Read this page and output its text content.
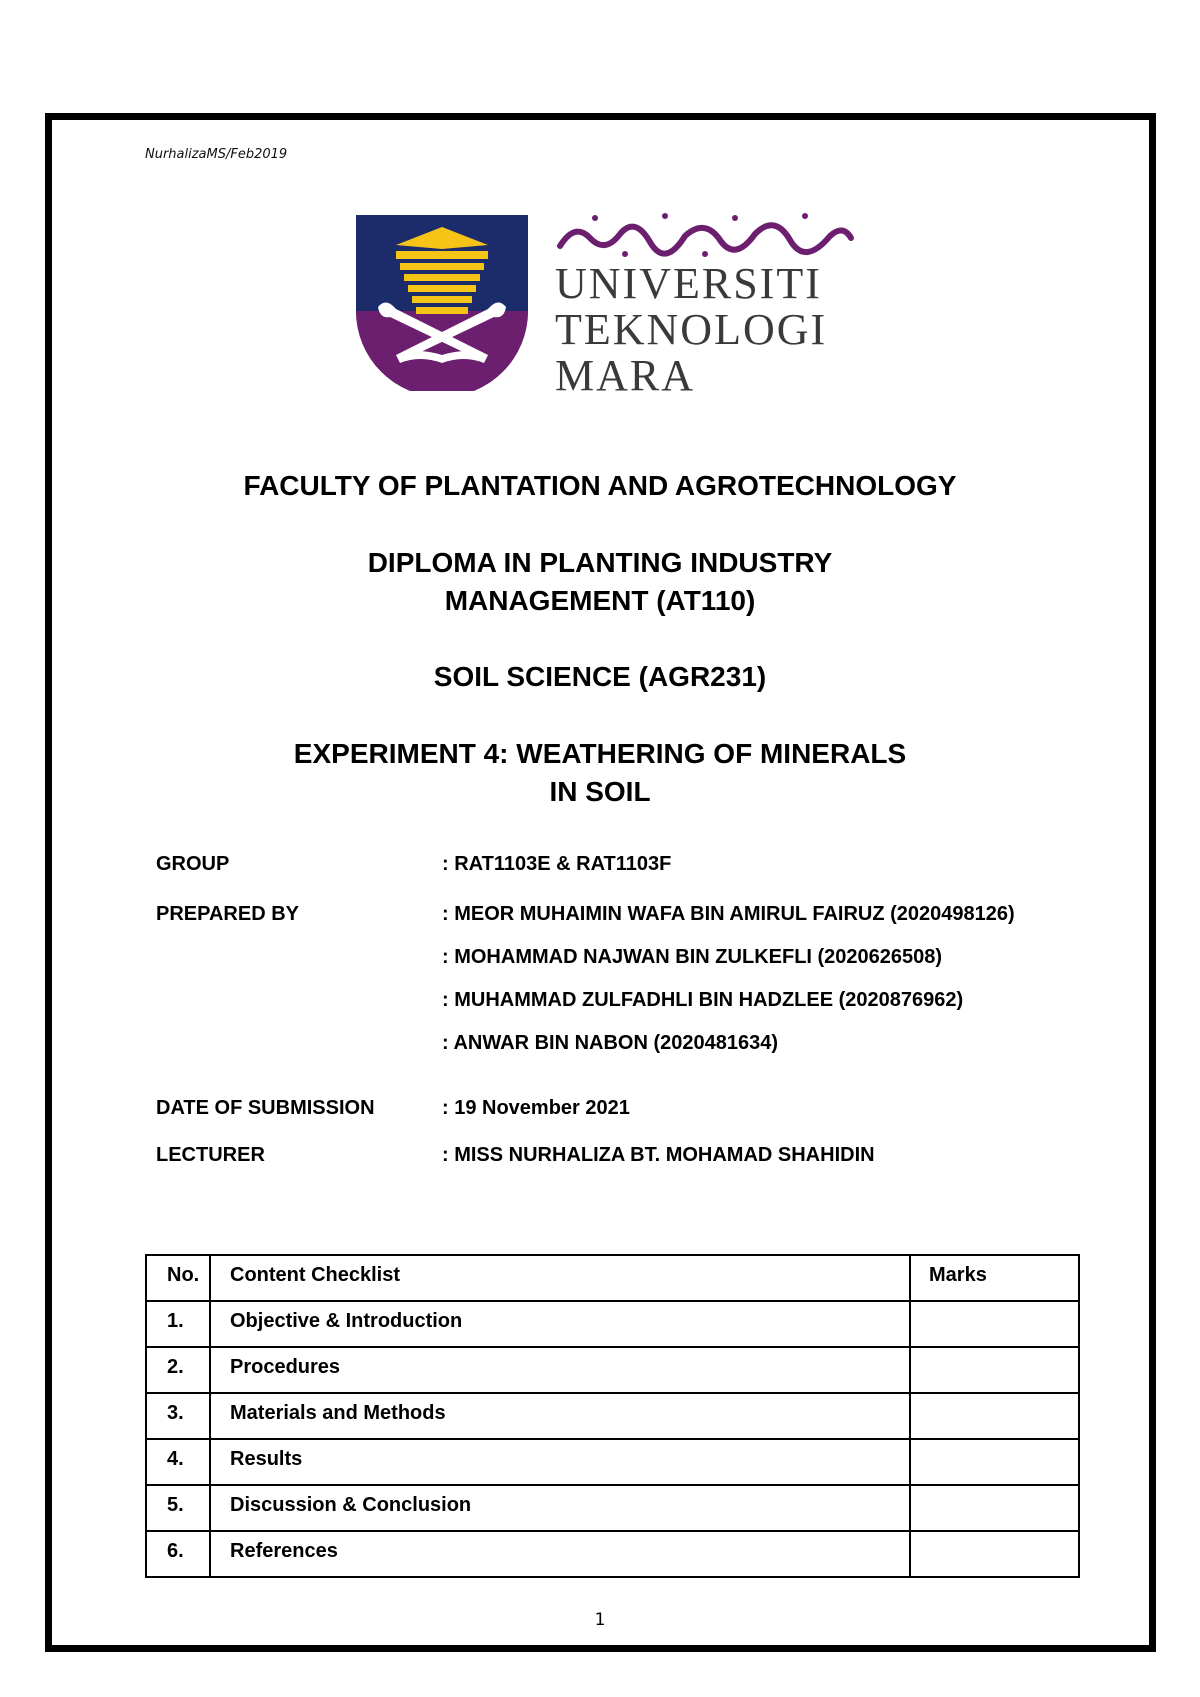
NurhalizaMS/Feb2019
UNIVERSITI
TEKNOLOGI
MARA
FACULTY OF PLANTATION AND AGROTECHNOLOGY
DIPLOMA IN PLANTING INDUSTRY
MANAGEMENT (AT110)
SOIL SCIENCE (AGR231)
EXPERIMENT 4: WEATHERING OF MINERALS
IN SOIL
GROUP	: RAT1103E & RAT1103F
PREPARED BY	: MEOR MUHAIMIN WAFA BIN AMIRUL FAIRUZ (2020498126)
: MOHAMMAD NAJWAN BIN ZULKEFLI (2020626508)
: MUHAMMAD ZULFADHLI BIN HADZLEE (2020876962)
: ANWAR BIN NABON (2020481634)
DATE OF SUBMISSION	: 19 November 2021
LECTURER	: MISS NURHALIZA BT. MOHAMAD SHAHIDIN
No.	Content Checklist	Marks
1.	Objective & Introduction	
2.	Procedures	
3.	Materials and Methods	
4.	Results	
5.	Discussion & Conclusion	
6.	References	
1
